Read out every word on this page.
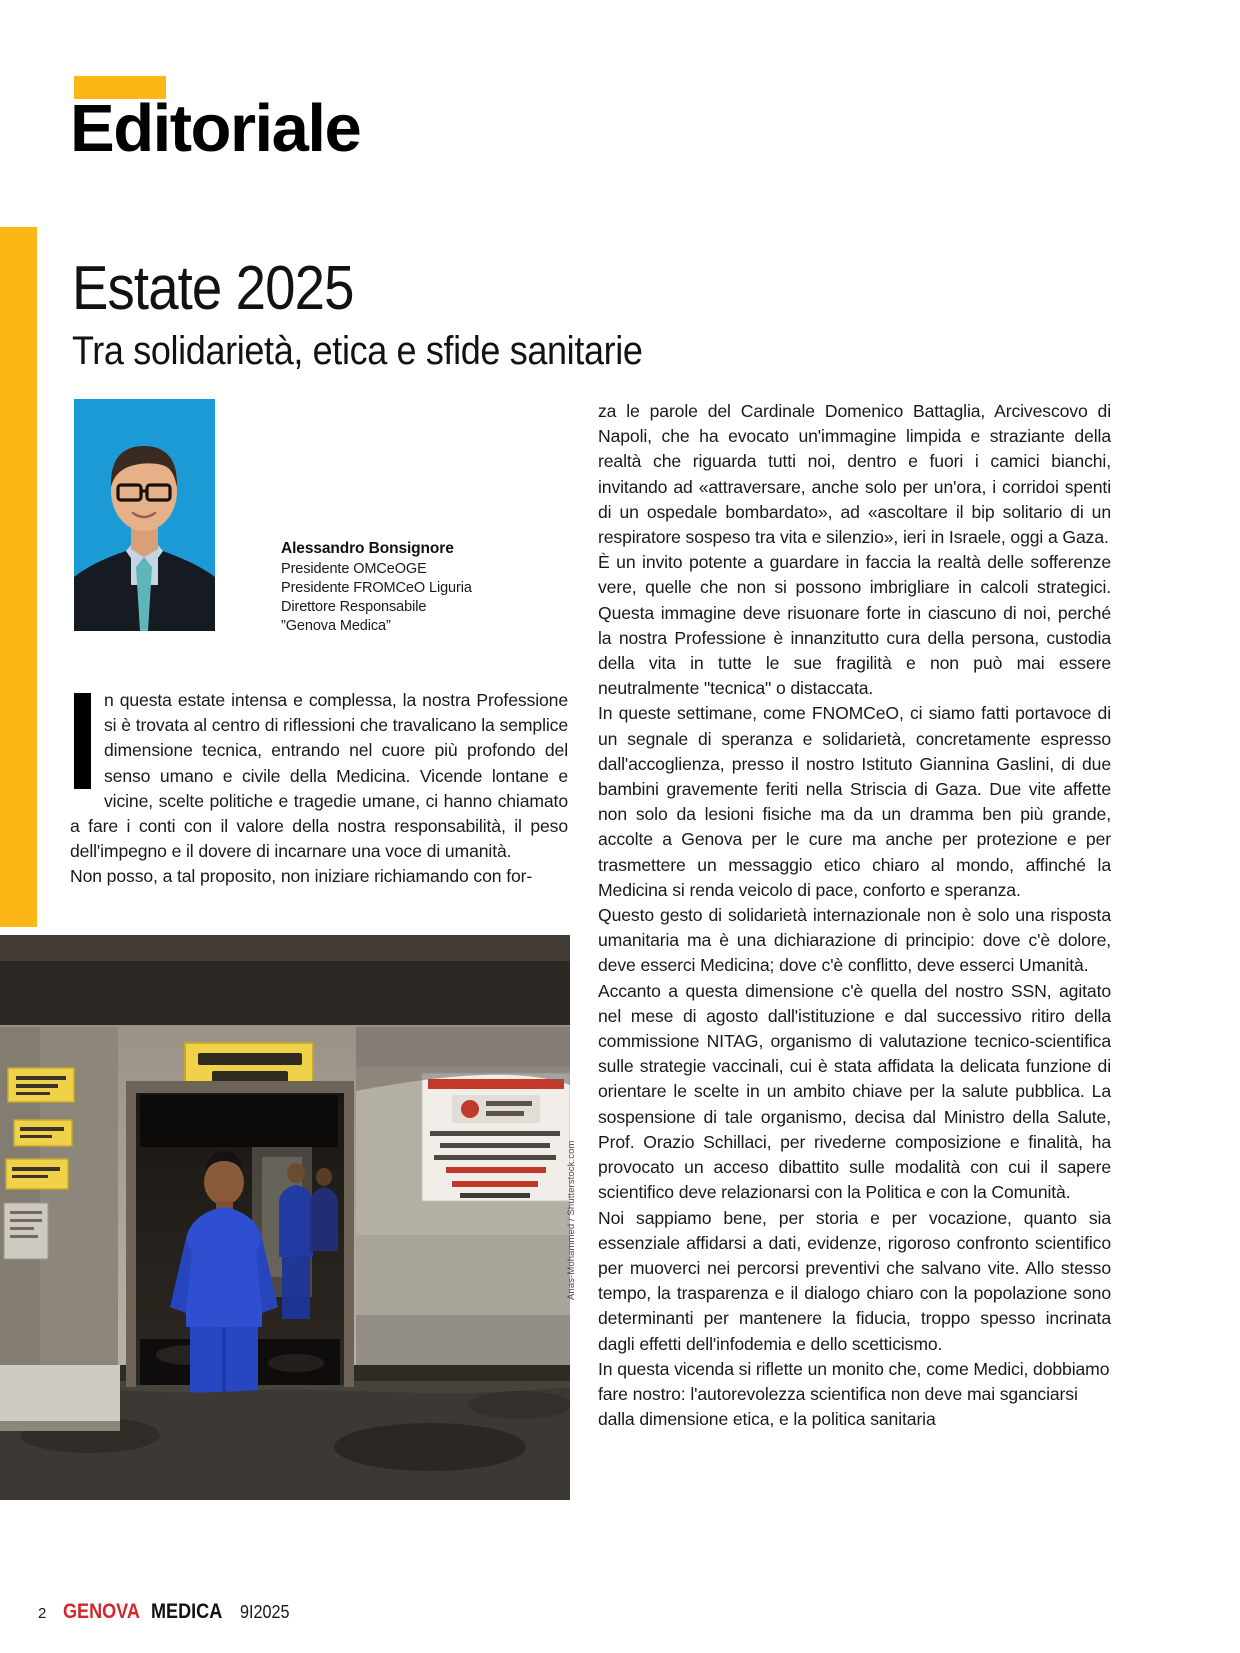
Editoriale
Estate 2025
Tra solidarietà, etica e sfide sanitarie
Alessandro Bonsignore
Presidente OMCeOGE
Presidente FROMCeO Liguria
Direttore Responsabile
”Genova Medica”

n questa estate intensa e complessa, la nostra Professione si è trovata al centro di riflessioni che travalicano la semplice dimensione tecnica, entrando nel cuore più profondo del senso umano e civile della Medicina. Vicende lontane e vicine, scelte politiche e tragedie umane, ci hanno chiamato a fare i conti con il valore della nostra responsabilità, il peso dell'impegno e il dovere di incarnare una voce di umanità.

Non posso, a tal proposito, non iniziare richiamando con for-

za le parole del Cardinale Domenico Battaglia, Arcivescovo di Napoli, che ha evocato un'immagine limpida e straziante della realtà che riguarda tutti noi, dentro e fuori i camici bianchi, invitando ad «attraversare, anche solo per un'ora, i corridoi spenti di un ospedale bombardato», ad «ascoltare il bip solitario di un respiratore sospeso tra vita e silenzio», ieri in Israele, oggi a Gaza.

È un invito potente a guardare in faccia la realtà delle sofferenze vere, quelle che non si possono imbrigliare in calcoli strategici. Questa immagine deve risuonare forte in ciascuno di noi, perché la nostra Professione è innanzitutto cura della persona, custodia della vita in tutte le sue fragilità e non può mai essere neutralmente "tecnica" o distaccata.

In queste settimane, come FNOMCeO, ci siamo fatti portavoce di un segnale di speranza e solidarietà, concretamente espresso dall'accoglienza, presso il nostro Istituto Giannina Gaslini, di due bambini gravemente feriti nella Striscia di Gaza. Due vite affette non solo da lesioni fisiche ma da un dramma ben più grande, accolte a Genova per le cure ma anche per protezione e per trasmettere un messaggio etico chiaro al mondo, affinché la Medicina si renda veicolo di pace, conforto e speranza.

Questo gesto di solidarietà internazionale non è solo una risposta umanitaria ma è una dichiarazione di principio: dove c'è dolore, deve esserci Medicina; dove c'è conflitto, deve esserci Umanità.

Accanto a questa dimensione c'è quella del nostro SSN, agitato nel mese di agosto dall'istituzione e dal successivo ritiro della commissione NITAG, organismo di valutazione tecnico-scientifica sulle strategie vaccinali, cui è stata affidata la delicata funzione di orientare le scelte in un ambito chiave per la salute pubblica. La sospensione di tale organismo, decisa dal Ministro della Salute, Prof. Orazio Schillaci, per rivederne composizione e finalità, ha provocato un acceso dibattito sulle modalità con cui il sapere scientifico deve relazionarsi con la Politica e con la Comunità.

Noi sappiamo bene, per storia e per vocazione, quanto sia essenziale affidarsi a dati, evidenze, rigoroso confronto scientifico per muoverci nei percorsi preventivi che salvano vite. Allo stesso tempo, la trasparenza e il dialogo chiaro con la popolazione sono determinanti per mantenere la fiducia, troppo spesso incrinata dagli effetti dell'infodemia e dello scetticismo.

In questa vicenda si riflette un monito che, come Medici, dobbiamo fare nostro: l'autorevolezza scientifica non deve mai sganciarsi dalla dimensione etica, e la politica sanitaria

Anas-Mohammed / Shutterstock.com
2 GENOVA MEDICA 9I2025
